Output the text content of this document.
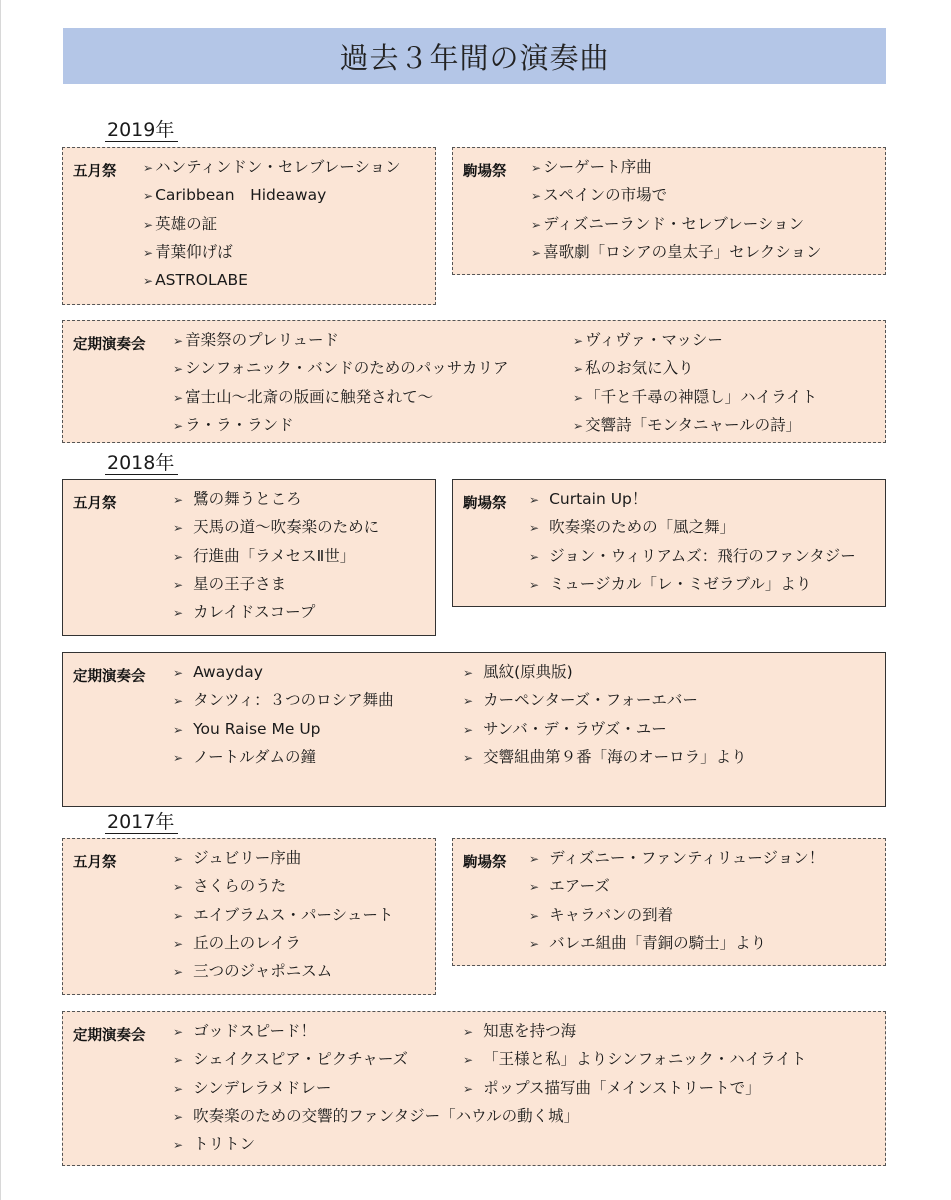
過去３年間の演奏曲
2019年
五月祭 ➢ ハンティンドン・セレブレーション
➢ Caribbean　Hideaway
➢ 英雄の証
➢ 青葉仰げば
➢ ASTROLABE
駒場祭 ➢ シーゲート序曲
➢ スペインの市場で
➢ ディズニーランド・セレブレーション
➢ 喜歌劇「ロシアの皇太子」セレクション
定期演奏会 ➢ 音楽祭のプレリュード
➢ シンフォニック・バンドのためのパッサカリア
➢ 富士山〜北斎の版画に触発されて〜
➢ ラ・ラ・ランド
➢ ヴィヴァ・マッシー
➢ 私のお気に入り
➢ 「千と千尋の神隠し」ハイライト
➢ 交響詩「モンタニャールの詩」
2018年
五月祭	➢ 鷺の舞うところ
➢ 天馬の道〜吹奏楽のために
➢ 行進曲「ラメセスⅡ世」
➢ 星の王子さま
➢ カレイドスコープ
駒場祭 ➢ Curtain Up！
➢ 吹奏楽のための「風之舞」
➢ ジョン・ウィリアムズ：飛行のファンタジー
➢ ミュージカル「レ・ミゼラブル」より
定期演奏会 ➢ Awayday
➢ タンツィ：３つのロシア舞曲
➢ You Raise Me Up
➢ ノートルダムの鐘
➢ 風紋(原典版)
➢ カーペンターズ・フォーエバー
➢ サンバ・デ・ラヴズ・ユー
➢ 交響組曲第９番「海のオーロラ」より
2017年
五月祭	➢ ジュビリー序曲
➢ さくらのうた
➢ エイブラムス・パーシュート
➢ 丘の上のレイラ
➢ 三つのジャポニスム
駒場祭 ➢ ディズニー・ファンティリュージョン！
➢ エアーズ
➢ キャラバンの到着
➢ バレエ組曲「青銅の騎士」より
定期演奏会 ➢ ゴッドスピード！
➢ シェイクスピア・ピクチャーズ
➢ シンデレラメドレー
➢ 吹奏楽のための交響的ファンタジー「ハウルの動く城」
➢ トリトン
➢ 知恵を持つ海
➢ 「王様と私」よりシンフォニック・ハイライト
➢ ポップス描写曲「メインストリートで」
